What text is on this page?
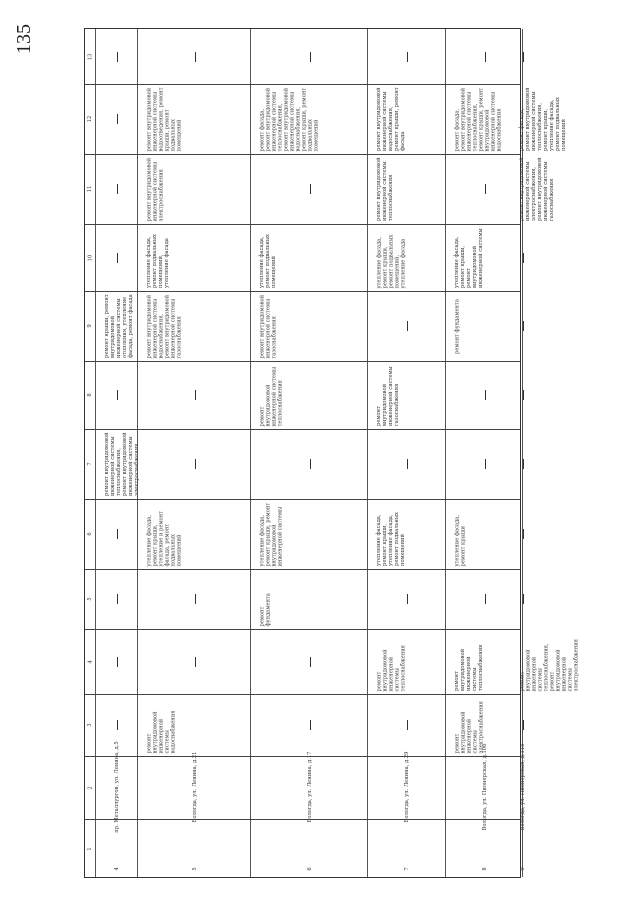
135
13
12
11
10
9
8
7
6
5
4
3
2
1
4
пр. Металлургов, ул. Ленина, д.5
ремонт внутридомовой инженерной системы теплоснабжения, ремонт внутридомовой инженерной системы электроснабжения
ремонт крыши, ремонт внутридомовой инженерной системы отопления, утепление фасада, ремонт фасада
5
Вологда, ул. Ленина, д.21
ремонт внутридомовой инженерной системы водоснабжения
утепление фасада, ремонт крыши, утепление и ремонт фасада, ремонт подвальных помещений
ремонт внутридомовой инженерной системы водоснабжения, ремонт внутридомовой инженерной системы газоснабжения
утепление фасада, ремонт подвальных помещений, утепление фасада
ремонт внутридомовой инженерной системы электроснабжения
ремонт внутридомовой инженерной системы водоотведения, ремонт крыши, ремонт подвальных помещений
6
Вологда, ул. Ленина, д.17
ремонт фундамента
утепление фасада, ремонт крыши, ремонт внутридомовой инженерной системы
ремонт внутридомовой инженерной системы теплоснабжения
ремонт внутридомовой инженерной системы газоснабжения
утепление фасада, ремонт подвальных помещений
ремонт фасада, ремонт внутридомовой инженерной системы теплоснабжения, ремонт внутридомовой инженерной системы водоснабжения, ремонт крыши, ремонт подвальных помещений
7
Вологда, ул. Ленина, д.29
ремонт внутридомовой инженерной системы теплоснабжения
утепление фасада, ремонт крыши, утепление фасада, ремонт подвальных помещений
ремонт внутридомовой инженерной системы газоснабжения
утепление фасада, ремонт крыши, ремонт подвальных помещений, утепление фасада
ремонт внутридомовой инженерной системы теплоснабжения
ремонт внутридомовой инженерной системы водоснабжения, ремонт крыши, ремонт фасада
8
Вологда, ул. Пионерская, д.106
ремонт внутридомовой инженерной системы электроснабжения
ремонт внутридомовой инженерной системы теплоснабжения
утепление фасада, ремонт крыши
ремонт фундамента
утепление фасада, ремонт крыши, ремонт внутридомовой инженерной системы
ремонт фасада, ремонт внутридомовой инженерной системы теплоснабжения, ремонт крыши, ремонт внутридомовой инженерной системы водоснабжения
9
Вологда, ул. Пионерская, д.115
ремонт внутридомовой инженерной системы теплоснабжения, ремонт внутридомовой инженерной системы электроснабжения
ремонт внутридомовой инженерной системы электроснабжения, ремонт внутридомовой инженерной системы газоснабжения
ремонт фасада, ремонт внутридомовой инженерной системы теплоснабжения, ремонт крыши, утепление фасада, ремонт подвальных помещений
